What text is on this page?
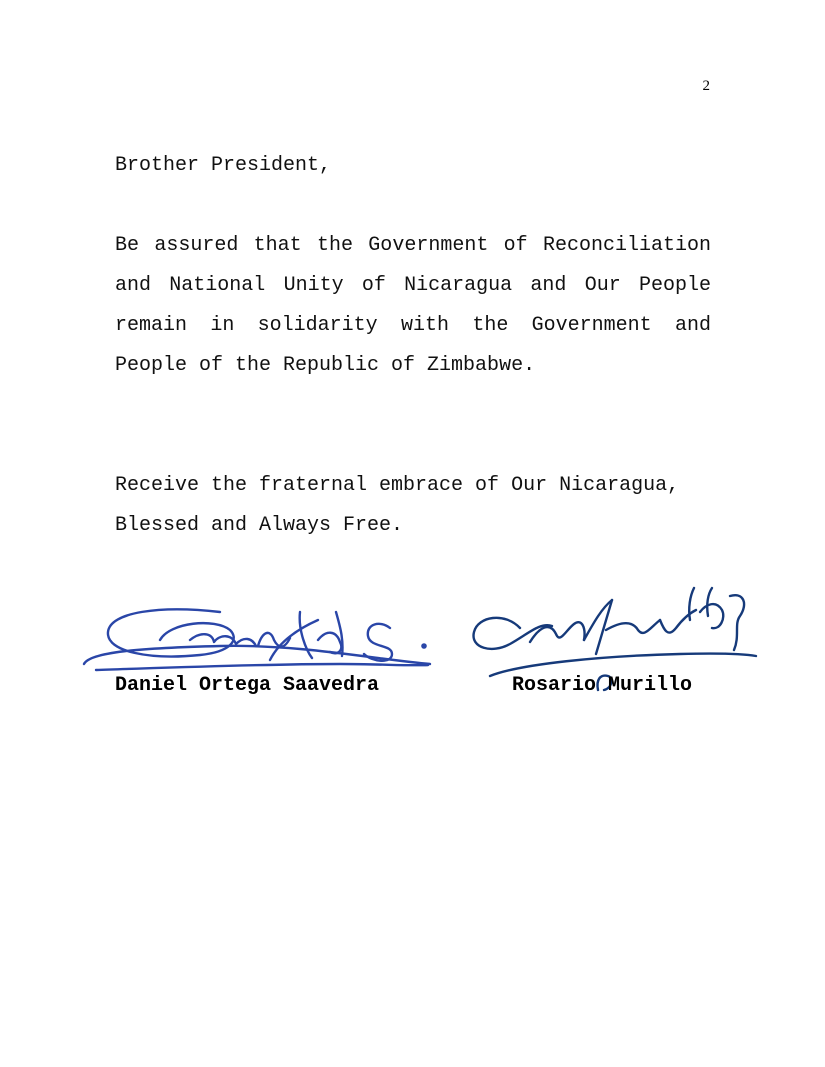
2

Brother President,

Be assured that the Government of Reconciliation and National Unity of Nicaragua and Our People remain in solidarity with the Government and People of the Republic of Zimbabwe.

Receive the fraternal embrace of Our Nicaragua,
Blessed and Always Free.

Daniel Ortega Saavedra	Rosario Murillo
